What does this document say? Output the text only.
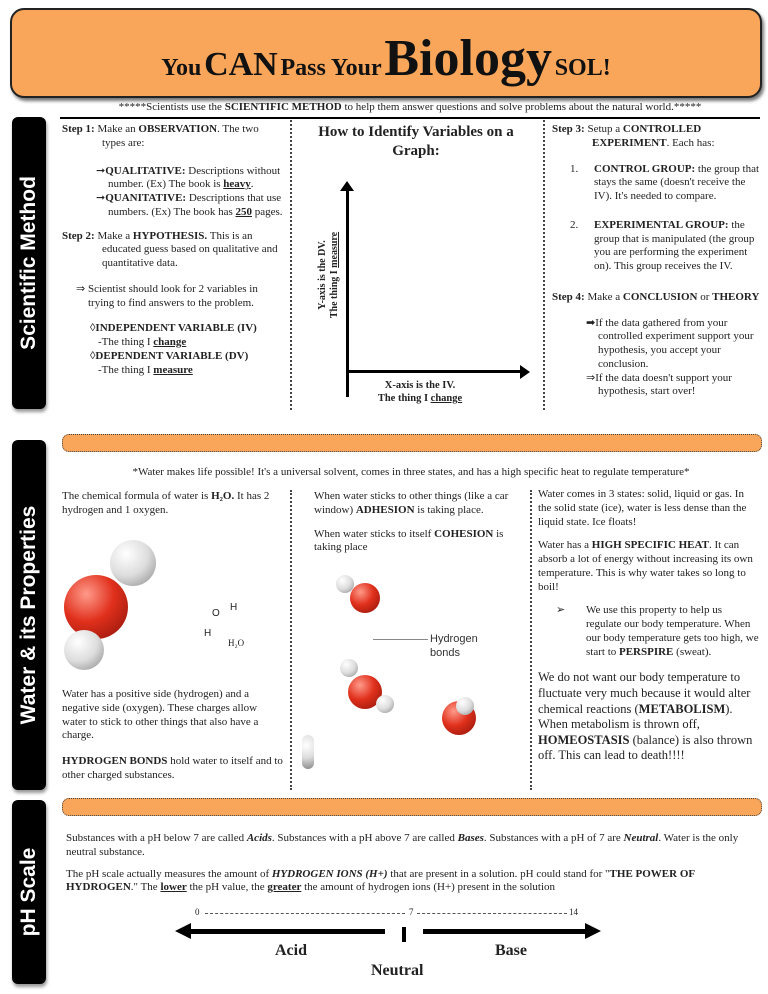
You CAN Pass Your Biology SOL!
Scientific Method
Water & its Properties
pH Scale
*****Scientists use the SCIENTIFIC METHOD to help them answer questions and solve problems about the natural world.*****

Step 1: Make an OBSERVATION. The two types are:

➞QUALITATIVE: Descriptions without number. (Ex) The book is heavy.

➞QUANITATIVE: Descriptions that use numbers. (Ex) The book has 250 pages.

Step 2: Make a HYPOTHESIS. This is an educated guess based on qualitative and quantitative data.

⇒ Scientist should look for 2 variables in trying to find answers to the problem.

◊INDEPENDENT VARIABLE (IV)
-The thing I change
◊DEPENDENT VARIABLE (DV)
-The thing I measure
How to Identify Variables on a Graph:
Y-axis is the DV. The thing I measure
X-axis is the IV.
The thing I change

Step 3: Setup a CONTROLLED EXPERIMENT. Each has:

1.	CONTROL GROUP: the group that stays the same (doesn't receive the IV). It's needed to compare.

2.	EXPERIMENTAL GROUP: the group that is manipulated (the group you are performing the experiment on). This group receives the IV.

Step 4: Make a CONCLUSION or THEORY

➡If the data gathered from your controlled experiment support your hypothesis, you accept your conclusion.

⇒If the data doesn't support your hypothesis, start over!

*Water makes life possible! It's a universal solvent, comes in three states, and has a high specific heat to regulate temperature*

The chemical formula of water is H₂O. It has 2 hydrogen and 1 oxygen.

O
H
H
H₂O

Water has a positive side (hydrogen) and a negative side (oxygen). These charges allow water to stick to other things that also have a charge.

HYDROGEN BONDS hold water to itself and to other charged substances.

When water sticks to other things (like a car window) ADHESION is taking place.

When water sticks to itself COHESION is taking place

Hydrogen bonds

Water comes in 3 states: solid, liquid or gas. In the solid state (ice), water is less dense than the liquid state. Ice floats!

Water has a HIGH SPECIFIC HEAT. It can absorb a lot of energy without increasing its own temperature. This is why water takes so long to boil!

➢	We use this property to help us regulate our body temperature. When our body temperature gets too high, we start to PERSPIRE (sweat).

We do not want our body temperature to fluctuate very much because it would alter chemical reactions (METABOLISM). When metabolism is thrown off, HOMEOSTASIS (balance) is also thrown off. This can lead to death!!!!

Substances with a pH below 7 are called Acids. Substances with a pH above 7 are called Bases. Substances with a pH of 7 are Neutral. Water is the only neutral substance.

The pH scale actually measures the amount of HYDROGEN IONS (H+) that are present in a solution. pH could stand for "THE POWER OF HYDROGEN." The lower the pH value, the greater the amount of hydrogen ions (H+) present in the solution

0	7	14
Acid	Base
Neutral
